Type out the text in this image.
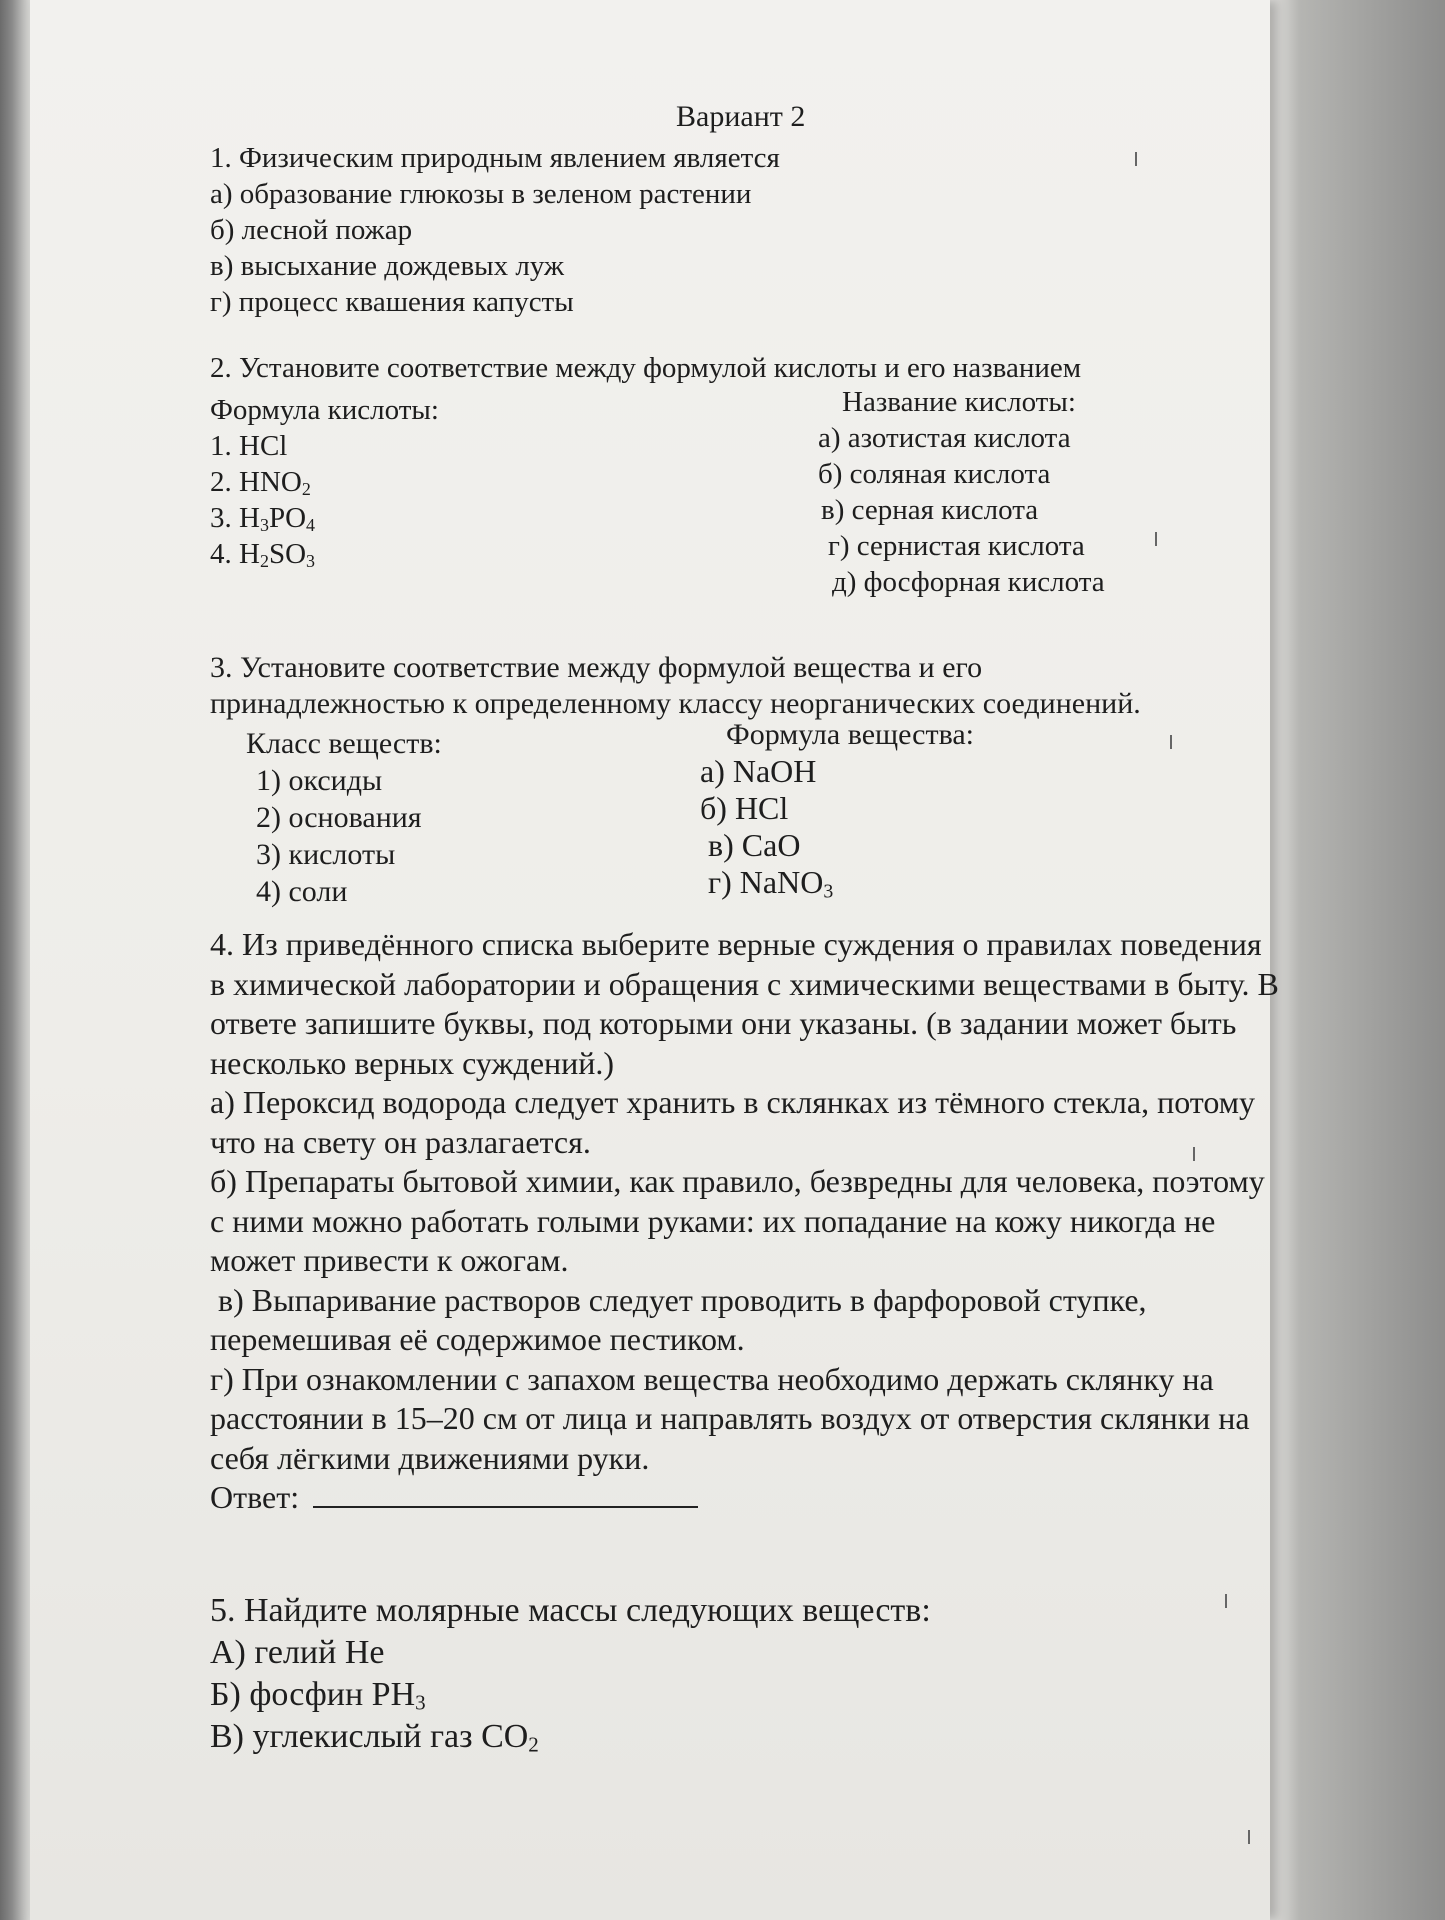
Вариант 2
1. Физическим природным явлением является
а) образование глюкозы в зеленом растении
б) лесной пожар
в) высыхание дождевых луж
г) процесс квашения капусты
2. Установите соответствие между формулой кислоты и его названием
Формула кислоты:
1. HCl
2. $HNO_2$
3. $H_3PO_4$
4. $H_2SO_3$
Название кислоты:
а) азотистая кислота
б) соляная кислота
в) серная кислота
г) сернистая кислота
д) фосфорная кислота
3. Установите соответствие между формулой вещества и его
принадлежностью к определенному классу неорганических соединений.
Класс веществ:
1) оксиды
2) основания
3) кислоты
4) соли
Формула вещества:
а) NaOH
б) HCl
в) CaO
г) NaNO$_3$
4. Из приведённого списка выберите верные суждения о правилах поведения
в химической лаборатории и обращения с химическими веществами в быту. В
ответе запишите буквы, под которыми они указаны. (в задании может быть
несколько верных суждений.)
а) Пероксид водорода следует хранить в склянках из тёмного стекла, потому
что на свету он разлагается.
б) Препараты бытовой химии, как правило, безвредны для человека, поэтому
с ними можно работать голыми руками: их попадание на кожу никогда не
может привести к ожогам.
в) Выпаривание растворов следует проводить в фарфоровой ступке,
перемешивая её содержимое пестиком.
г) При ознакомлении с запахом вещества необходимо держать склянку на
расстоянии в 15–20 см от лица и направлять воздух от отверстия склянки на
себя лёгкими движениями руки.
Ответ:
5. Найдите молярные массы следующих веществ:
А) гелий He
Б) фосфин $PH_3$
В) углекислый газ $CO_2$
